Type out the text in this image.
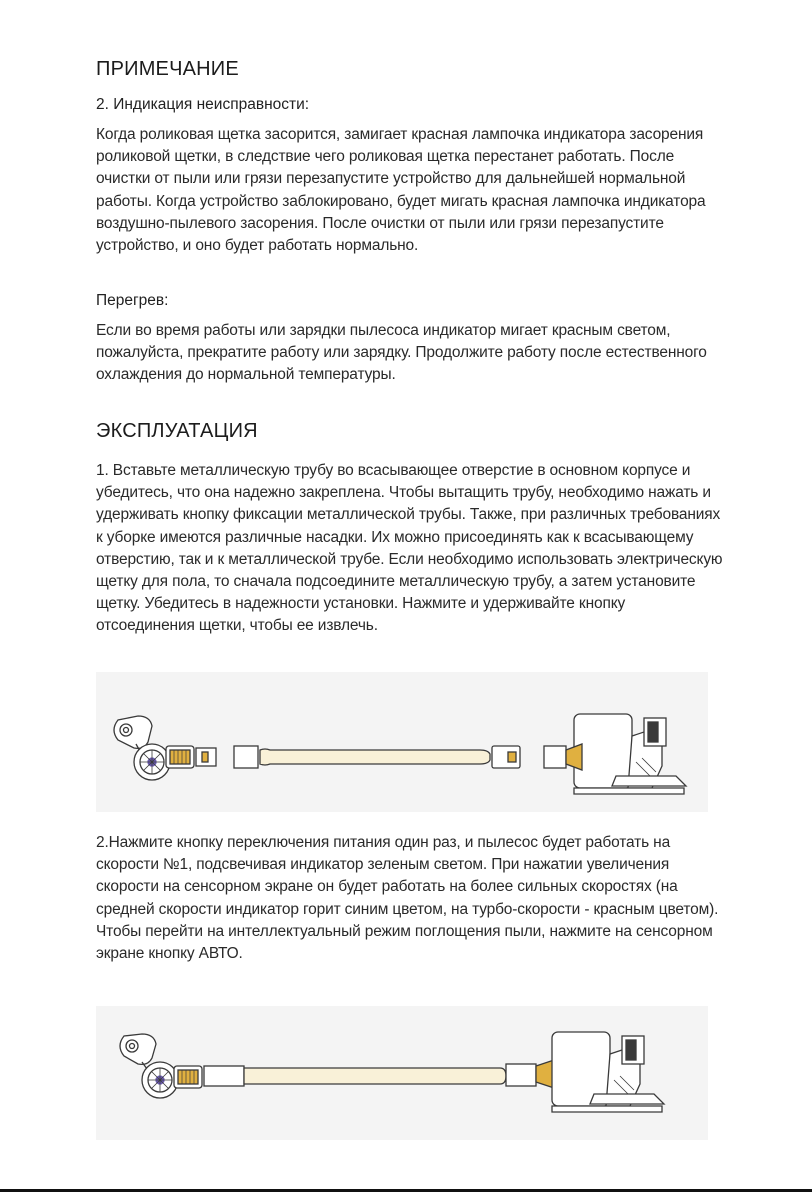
ПРИМЕЧАНИЕ

2. Индикация неисправности:

Когда роликовая щетка засорится, замигает красная лампочка индикатора засорения роликовой щетки, в следствие чего роликовая щетка перестанет работать. После очистки от пыли или грязи перезапустите устройство для дальнейшей нормальной работы. Когда устройство заблокировано, будет мигать красная лампочка индикатора воздушно-пылевого засорения. После очистки от пыли или грязи перезапустите устройство, и оно будет работать нормально.

Перегрев:

Если во время работы или зарядки пылесоса индикатор мигает красным светом, пожалуйста, прекратите работу или зарядку. Продолжите работу после естественного охлаждения до нормальной температуры.

ЭКСПЛУАТАЦИЯ

1. Вставьте металлическую трубу во всасывающее отверстие в основном корпусе и убедитесь, что она надежно закреплена. Чтобы вытащить трубу, необходимо нажать и удерживать кнопку фиксации металлической трубы. Также, при различных требованиях к уборке имеются различные насадки. Их можно присоединять как к всасывающему отверстию, так и к металлической трубе. Если необходимо использовать электрическую щетку для пола, то сначала подсоедините металлическую трубу, а затем установите щетку. Убедитесь в надежности установки. Нажмите и удерживайте кнопку отсоединения щетки, чтобы ее извлечь.

2.Нажмите кнопку переключения питания один раз, и пылесос будет работать на скорости №1, подсвечивая индикатор зеленым светом. При нажатии увеличения скорости на сенсорном экране он будет работать на более сильных скоростях (на средней скорости индикатор горит синим цветом, на турбо-скорости - красным цветом). Чтобы перейти на интеллектуальный режим поглощения пыли, нажмите на сенсорном экране кнопку АВТО.
